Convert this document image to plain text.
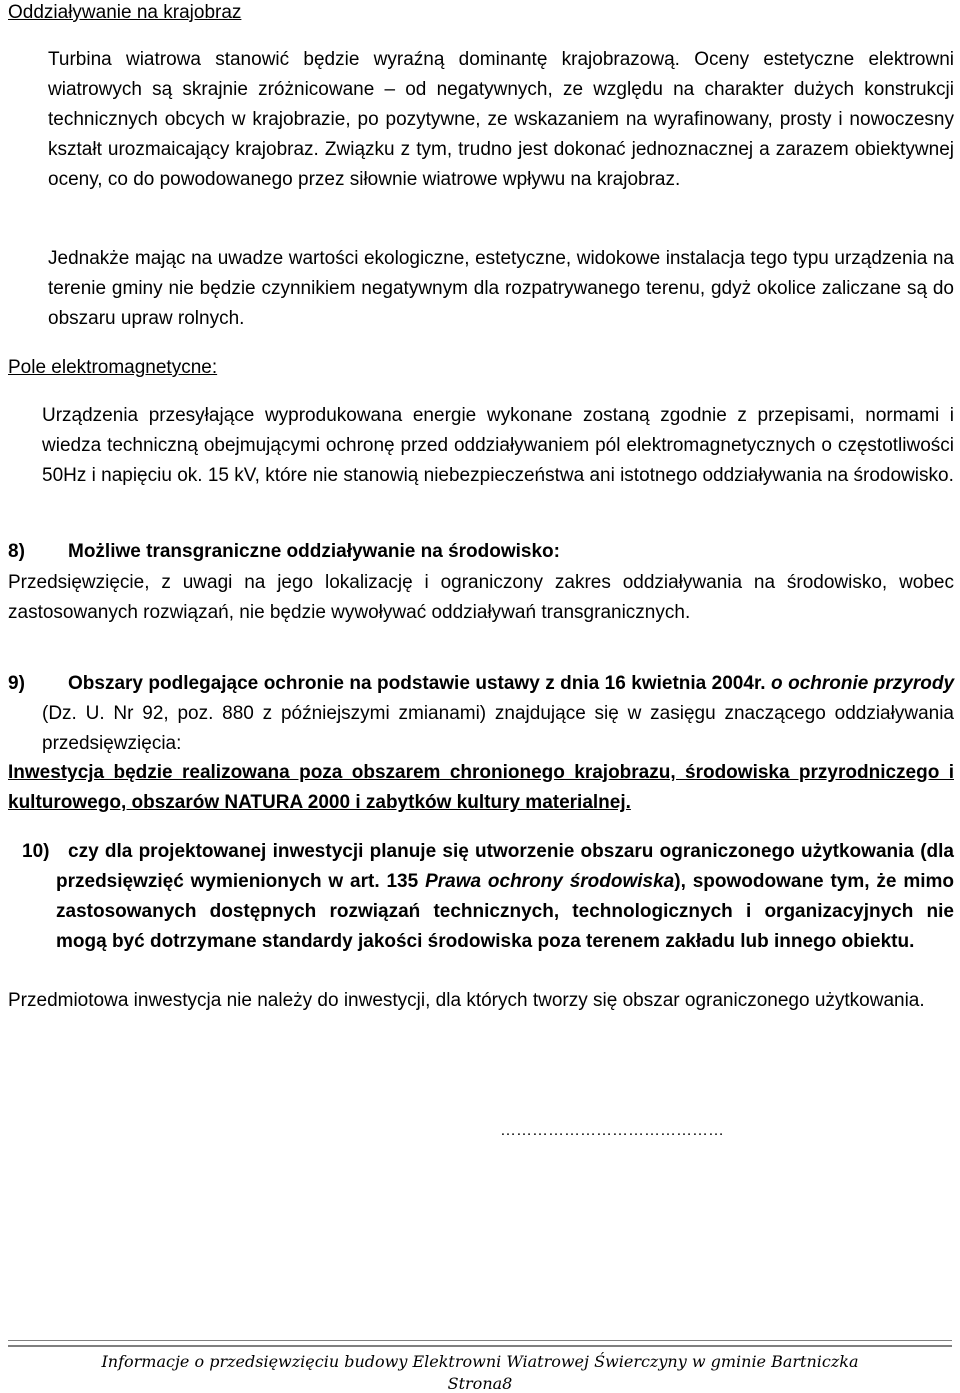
Oddziaływanie na krajobraz
Turbina wiatrowa stanowić będzie wyraźną dominantę krajobrazową. Oceny estetyczne elektrowni wiatrowych są skrajnie zróżnicowane – od negatywnych, ze względu na charakter dużych konstrukcji technicznych obcych w krajobrazie, po pozytywne, ze wskazaniem na wyrafinowany, prosty i nowoczesny kształt urozmaicający krajobraz. Związku z tym, trudno jest dokonać jednoznacznej a zarazem obiektywnej oceny, co do powodowanego przez siłownie wiatrowe wpływu na krajobraz.
Jednakże mając na uwadze wartości ekologiczne, estetyczne, widokowe instalacja tego typu urządzenia na terenie gminy nie będzie czynnikiem negatywnym dla rozpatrywanego terenu, gdyż okolice zaliczane są do obszaru upraw rolnych.
Pole elektromagnetycne:
Urządzenia przesyłające wyprodukowana energie wykonane zostaną zgodnie z przepisami, normami i wiedza techniczną obejmującymi ochronę przed oddziaływaniem pól elektromagnetycznych o częstotliwości 50Hz i napięciu ok. 15 kV, które nie stanowią niebezpieczeństwa ani istotnego oddziaływania na środowisko.
8) Możliwe transgraniczne oddziaływanie na środowisko:
Przedsięwzięcie, z uwagi na jego lokalizację i ograniczony zakres oddziaływania na środowisko, wobec zastosowanych rozwiązań, nie będzie wywoływać oddziaływań transgranicznych.
9) Obszary podlegające ochronie na podstawie ustawy z dnia 16 kwietnia 2004r. o ochronie przyrody (Dz. U. Nr 92, poz. 880 z późniejszymi zmianami) znajdujące się w zasięgu znaczącego oddziaływania przedsięwzięcia:
Inwestycja będzie realizowana poza obszarem chronionego krajobrazu, środowiska przyrodniczego i kulturowego, obszarów NATURA 2000 i zabytków kultury materialnej.
10) czy dla projektowanej inwestycji planuje się utworzenie obszaru ograniczonego użytkowania (dla przedsięwzięć wymienionych w art. 135 Prawa ochrony środowiska), spowodowane tym, że mimo zastosowanych dostępnych rozwiązań technicznych, technologicznych i organizacyjnych nie mogą być dotrzymane standardy jakości środowiska poza terenem zakładu lub innego obiektu.
Przedmiotowa inwestycja nie należy do inwestycji, dla których tworzy się obszar ograniczonego użytkowania.
……………………………………
Informacje o przedsięwzięciu budowy Elektrowni Wiatrowej Świerczyny w gminie Bartniczka
Strona8
